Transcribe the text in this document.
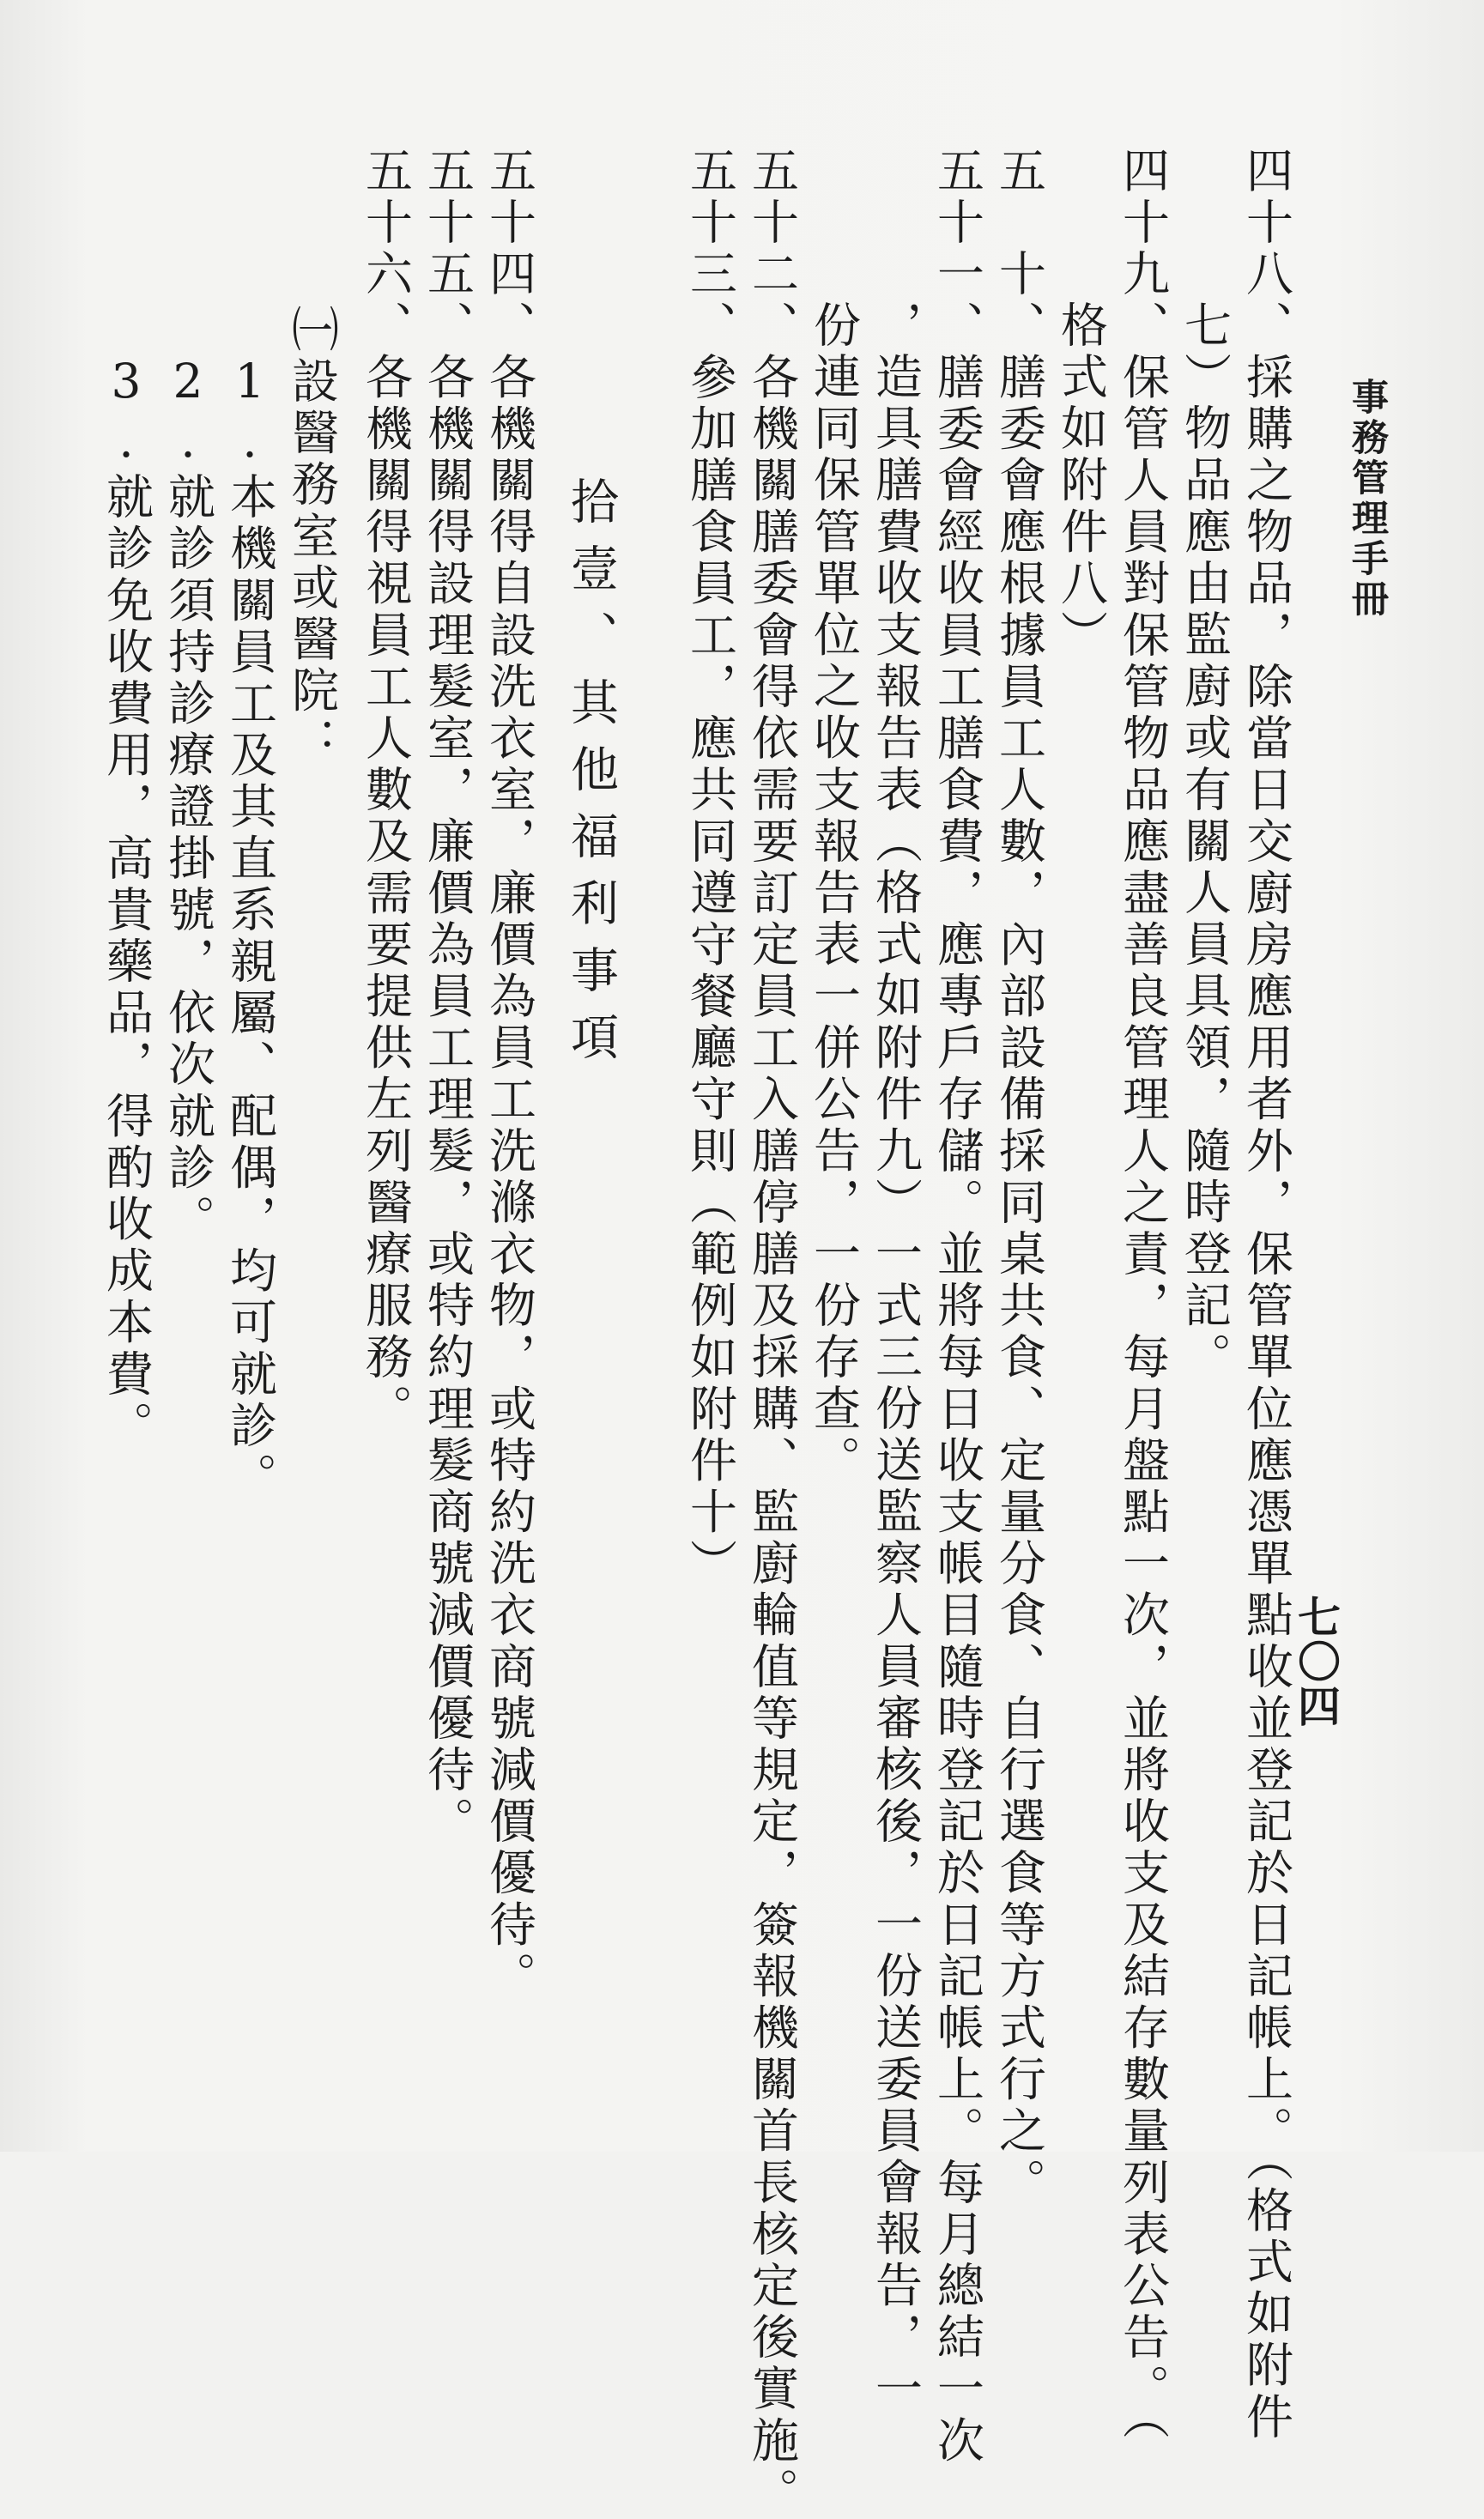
事務管理手冊
七〇四
四十八、採購之物品，除當日交廚房應用者外，保管單位應憑單點收並登記於日記帳上。（格式如附件
七）物品應由監廚或有關人員具領，隨時登記。
四十九、保管人員對保管物品應盡善良管理人之責，每月盤點一次，並將收支及結存數量列表公告。（
格式如附件八）
五　十、膳委會應根據員工人數，內部設備採同桌共食、定量分食、自行選食等方式行之。
五十一、膳委會經收員工膳食費，應專戶存儲。並將每日收支帳目隨時登記於日記帳上。每月總結一次
，造具膳費收支報告表（格式如附件九）一式三份送監察人員審核後，一份送委員會報告，一
份連同保管單位之收支報告表一併公告，一份存查。
五十二、各機關膳委會得依需要訂定員工入膳停膳及採購、監廚輪值等規定，簽報機關首長核定後實施。
五十三、參加膳食員工，應共同遵守餐廳守則（範例如附件十）
拾壹、其他福利事項
五十四、各機關得自設洗衣室，廉價為員工洗滌衣物，或特約洗衣商號減價優待。
五十五、各機關得設理髮室，廉價為員工理髮，或特約理髮商號減價優待。
五十六、各機關得視員工人數及需要提供左列醫療服務。
㈠設醫務室或醫院：
1.本機關員工及其直系親屬、配偶，均可就診。
2.就診須持診療證掛號，依次就診。
3.就診免收費用，高貴藥品，得酌收成本費。
